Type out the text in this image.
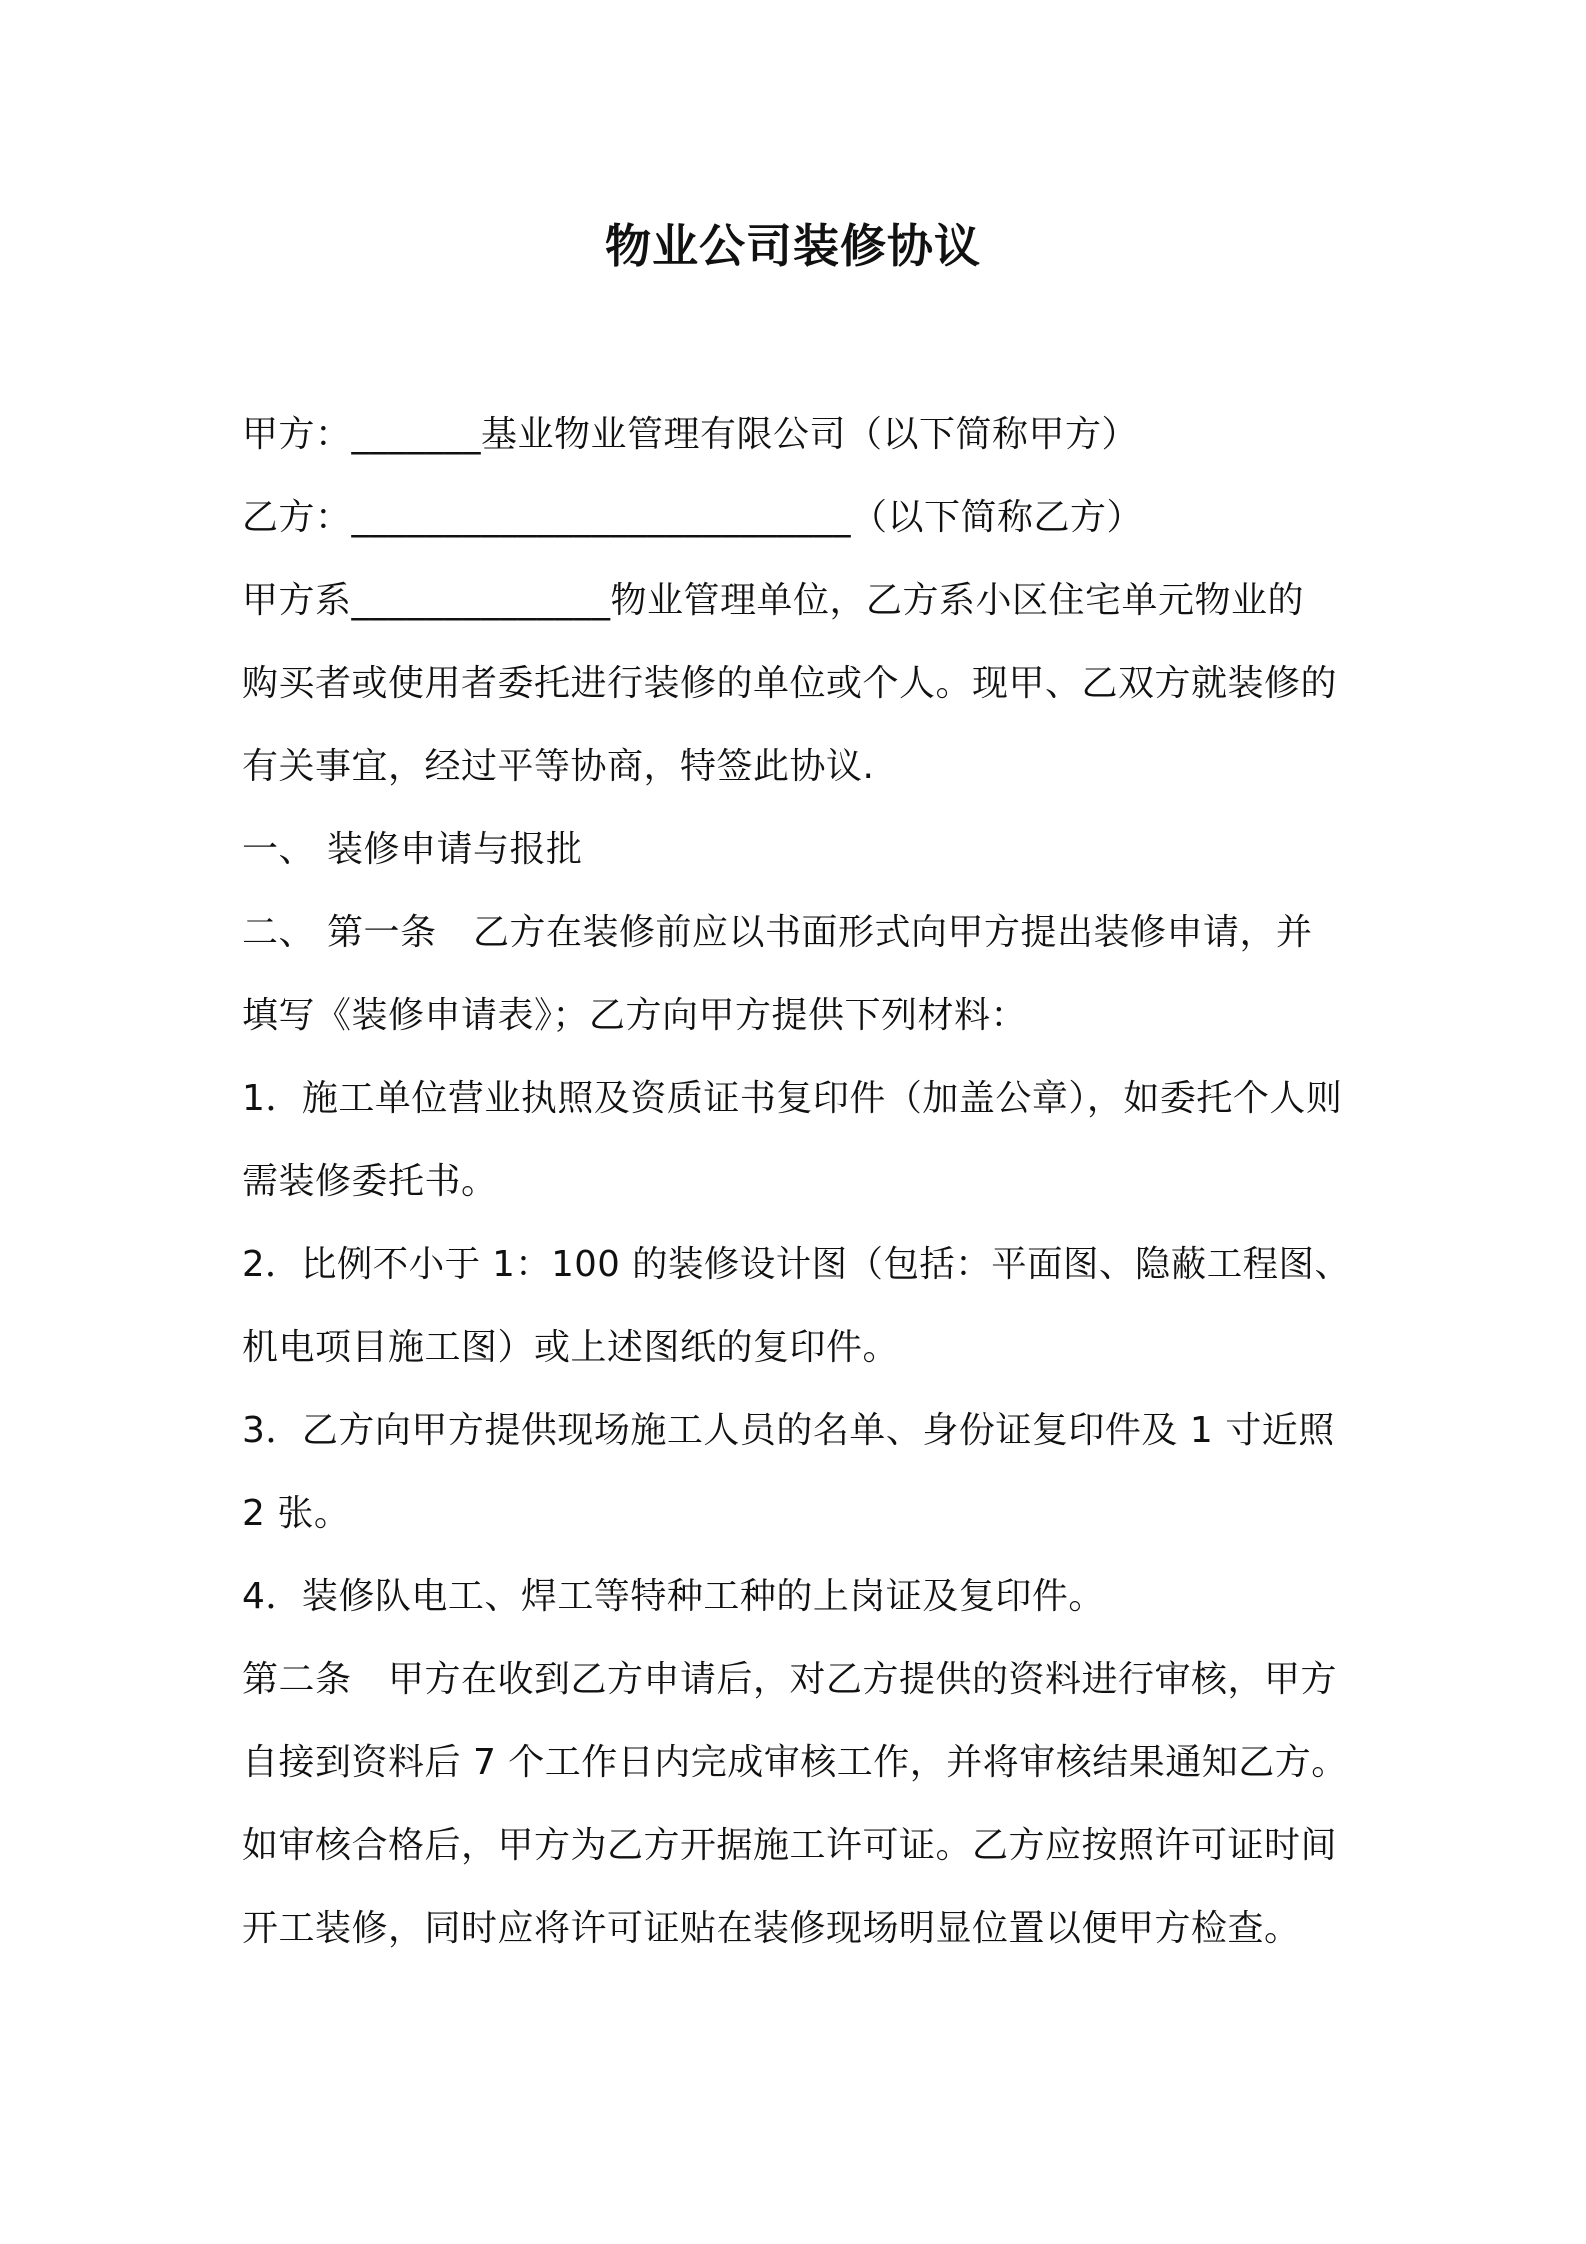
物业公司装修协议
甲方：_______基业物业管理有限公司（以下简称甲方）
乙方：___________________________（以下简称乙方）
甲方系______________物业管理单位，乙方系小区住宅单元物业的
购买者或使用者委托进行装修的单位或个人。现甲、乙双方就装修的
有关事宜，经过平等协商，特签此协议.
一、 装修申请与报批
二、 第一条　乙方在装修前应以书面形式向甲方提出装修申请，并
填写《装修申请表》；乙方向甲方提供下列材料：
1．施工单位营业执照及资质证书复印件（加盖公章），如委托个人则
需装修委托书。
2．比例不小于 1：100 的装修设计图（包括：平面图、隐蔽工程图、
机电项目施工图）或上述图纸的复印件。
3．乙方向甲方提供现场施工人员的名单、身份证复印件及 1 寸近照
2 张。
4．装修队电工、焊工等特种工种的上岗证及复印件。
第二条　甲方在收到乙方申请后，对乙方提供的资料进行审核，甲方
自接到资料后 7 个工作日内完成审核工作，并将审核结果通知乙方。
如审核合格后，甲方为乙方开据施工许可证。乙方应按照许可证时间
开工装修，同时应将许可证贴在装修现场明显位置以便甲方检查。
